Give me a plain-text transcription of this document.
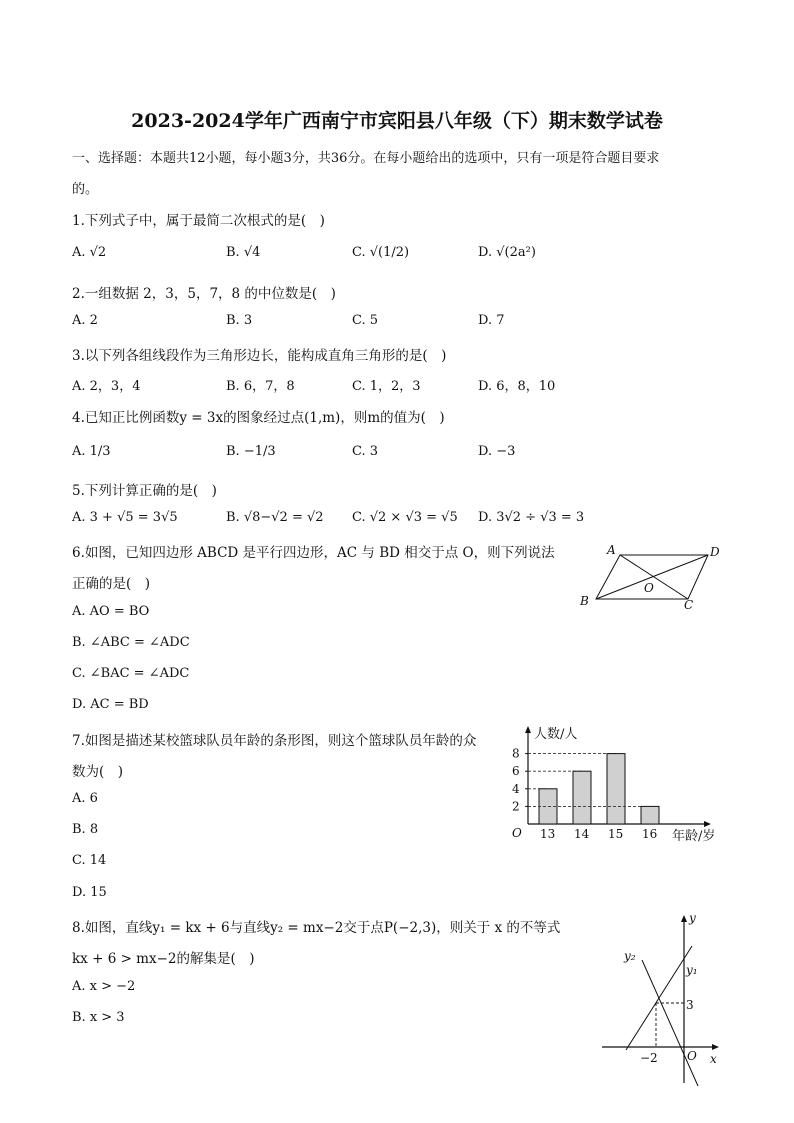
2023-2024学年广西南宁市宾阳县八年级（下）期末数学试卷
一、选择题：本题共12小题，每小题3分，共36分。在每小题给出的选项中，只有一项是符合题目要求
的。
1.下列式子中，属于最简二次根式的是(　)
A. √2	B. √4	C. √(1/2)	D. √(2a²)
2.一组数据 2，3，5，7，8 的中位数是(　)
A. 2	B. 3	C. 5	D. 7
3.以下列各组线段作为三角形边长，能构成直角三角形的是(　)
A. 2，3，4	B. 6，7，8	C. 1，2，3	D. 6，8，10
4.已知正比例函数y = 3x的图象经过点(1,m)，则m的值为(　)
A. 1/3	B. −1/3	C. 3	D. −3
5.下列计算正确的是(　)
A. 3 + √5 = 3√5	B. √8−√2 = √2 C. √2 × √3 = √5 D. 3√2 ÷ √3 = 3
6.如图，已知四边形 ABCD 是平行四边形，AC 与 BD 相交于点 O，则下列说法
正确的是(　)
A. AO = BO
B. ∠ABC = ∠ADC
C. ∠BAC = ∠ADC
D. AC = BD
A	D
B	C
O
7.如图是描述某校篮球队员年龄的条形图，则这个篮球队员年龄的众
数为(　)
A. 6
B. 8
C. 14
D. 15
人数/人
年龄/岁
O
2
4
6
8
13 14 15 16
8.如图，直线y₁ = kx + 6与直线y₂ = mx−2交于点P(−2,3)，则关于 x 的不等式
kx + 6 > mx−2的解集是(　)
A. x > −2
B. x > 3
y
x
O
y₁
y₂
−2
3
